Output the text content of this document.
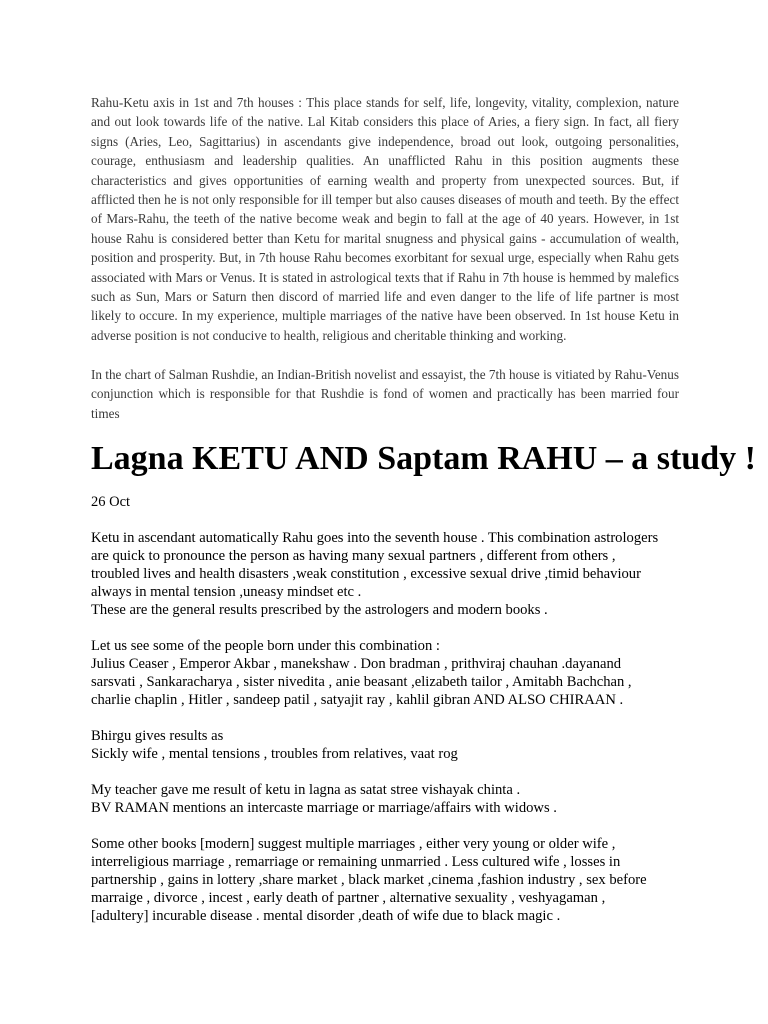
Rahu-Ketu axis in 1st and 7th houses : This place stands for self, life, longevity, vitality, complexion, nature and out look towards life of the native. Lal Kitab considers this place of Aries, a fiery sign. In fact, all fiery signs (Aries, Leo, Sagittarius) in ascendants give independence, broad out look, outgoing personalities, courage, enthusiasm and leadership qualities. An unafflicted Rahu in this position augments these characteristics and gives opportunities of earning wealth and property from unexpected sources. But, if afflicted then he is not only responsible for ill temper but also causes diseases of mouth and teeth. By the effect of Mars-Rahu, the teeth of the native become weak and begin to fall at the age of 40 years. However, in 1st house Rahu is considered better than Ketu for marital snugness and physical gains - accumulation of wealth, position and prosperity. But, in 7th house Rahu becomes exorbitant for sexual urge, especially when Rahu gets associated with Mars or Venus. It is stated in astrological texts that if Rahu in 7th house is hemmed by malefics such as Sun, Mars or Saturn then discord of married life and even danger to the life of life partner is most likely to occure. In my experience, multiple marriages of the native have been observed. In 1st house Ketu in adverse position is not conducive to health, religious and cheritable thinking and working.

In the chart of Salman Rushdie, an Indian-British novelist and essayist, the 7th house is vitiated by Rahu-Venus conjunction which is responsible for that Rushdie is fond of women and practically has been married four times

Lagna KETU AND Saptam RAHU – a study !

26 Oct

Ketu in ascendant automatically Rahu goes into the seventh house . This combination astrologers
are quick to pronounce the person as having many sexual partners , different from others ,
troubled lives and health disasters ,weak constitution , excessive sexual drive ,timid behaviour
always in mental tension ,uneasy mindset etc .
These are the general results prescribed by the astrologers and modern books .
Let us see some of the people born under this combination :
Julius Ceaser , Emperor Akbar , manekshaw . Don bradman , prithviraj chauhan .dayanand
sarsvati , Sankaracharya , sister nivedita , anie beasant ,elizabeth tailor , Amitabh Bachchan ,
charlie chaplin , Hitler , sandeep patil , satyajit ray , kahlil gibran AND ALSO CHIRAAN .
Bhirgu gives results as
Sickly wife , mental tensions , troubles from relatives, vaat rog
My teacher gave me result of ketu in lagna as satat stree vishayak chinta .
BV RAMAN mentions an intercaste marriage or marriage/affairs with widows .
Some other books [modern] suggest multiple marriages , either very young or older wife ,
interreligious marriage , remarriage or remaining unmarried . Less cultured wife , losses in
partnership , gains in lottery ,share market , black market ,cinema ,fashion industry , sex before
marraige , divorce , incest , early death of partner , alternative sexuality , veshyagaman ,
[adultery] incurable disease . mental disorder ,death of wife due to black magic .
